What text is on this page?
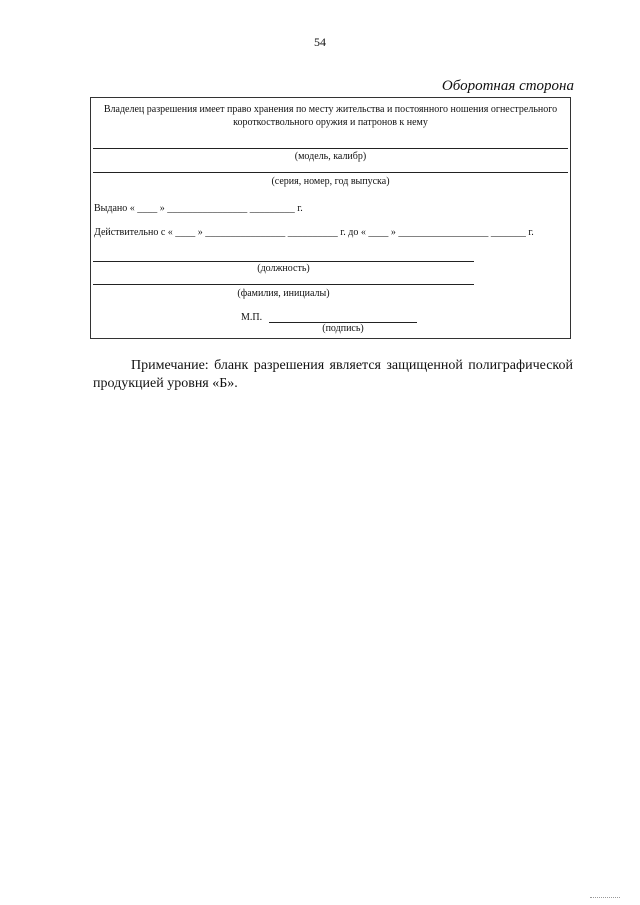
54
Оборотная сторона
Владелец разрешения имеет право хранения по месту жительства и постоянного ношения огнестрельного короткоствольного оружия и патронов к нему
(модель, калибр)
(серия, номер, год выпуска)
Выдано « ____ » ________________ _________ г.
Действительно с « ____ » ________________ __________ г. до « ____ » __________________ _______ г.
(должность)
(фамилия, инициалы)
М.П.
(подпись)
Примечание: бланк разрешения является защищенной полиграфической продукцией уровня «Б».
